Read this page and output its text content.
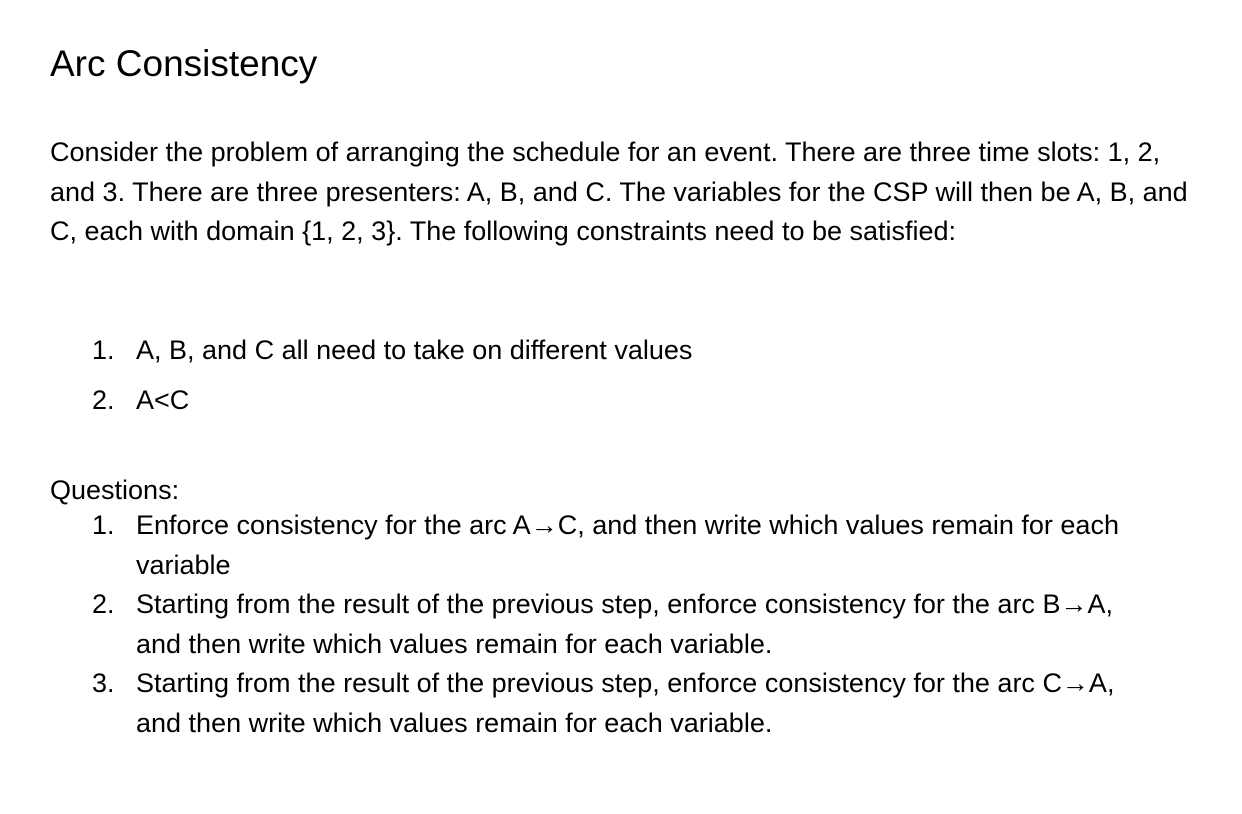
Arc Consistency

Consider the problem of arranging the schedule for an event. There are three time slots: 1, 2, and 3. There are three presenters: A, B, and C. The variables for the CSP will then be A, B, and C, each with domain {1, 2, 3}. The following constraints need to be satisfied:

1. A, B, and C all need to take on different values
2. A<C

Questions:

1. Enforce consistency for the arc A→C, and then write which values remain for each variable
2. Starting from the result of the previous step, enforce consistency for the arc B→A, and then write which values remain for each variable.
3. Starting from the result of the previous step, enforce consistency for the arc C→A, and then write which values remain for each variable.
